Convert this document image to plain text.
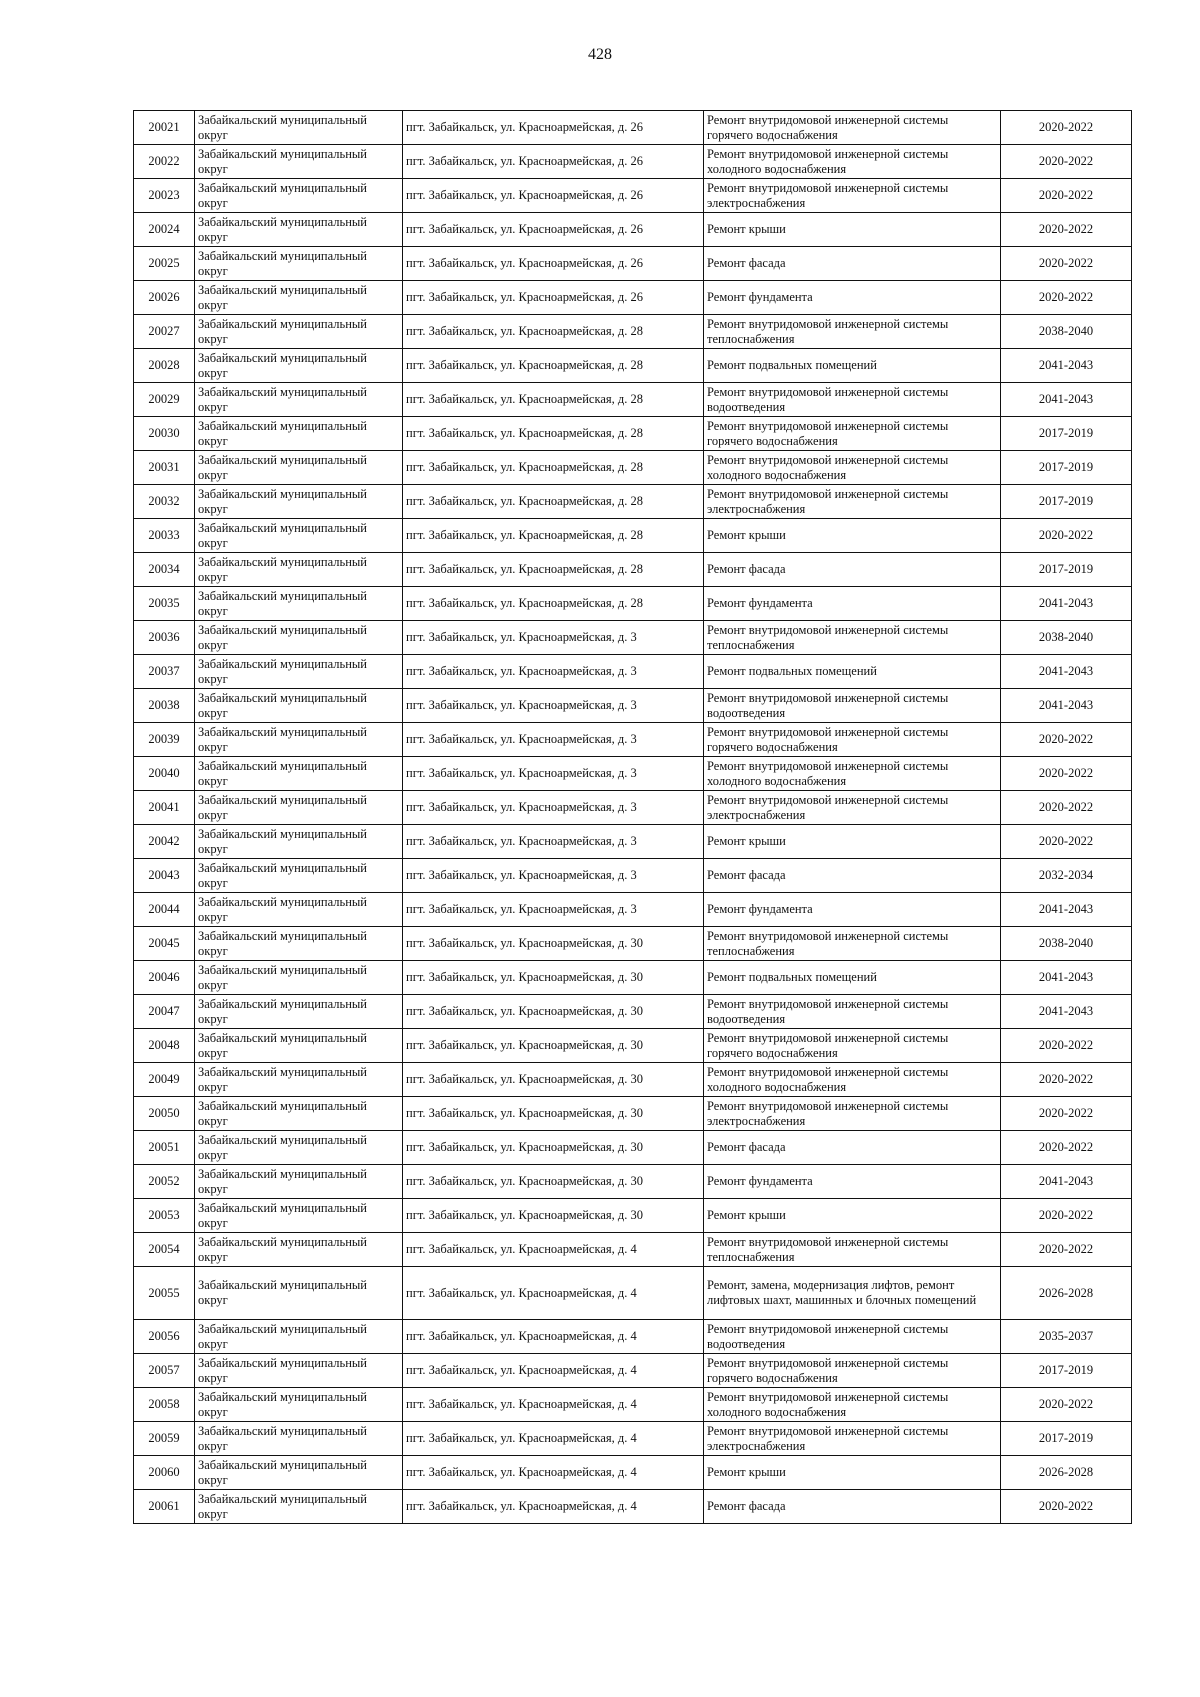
428
20021	Забайкальский муниципальный округ	пгт. Забайкальск, ул. Красноармейская, д. 26	Ремонт внутридомовой инженерной системы горячего водоснабжения	2020-2022
20022	Забайкальский муниципальный округ	пгт. Забайкальск, ул. Красноармейская, д. 26	Ремонт внутридомовой инженерной системы холодного водоснабжения	2020-2022
20023	Забайкальский муниципальный округ	пгт. Забайкальск, ул. Красноармейская, д. 26	Ремонт внутридомовой инженерной системы электроснабжения	2020-2022
20024	Забайкальский муниципальный округ	пгт. Забайкальск, ул. Красноармейская, д. 26	Ремонт крыши	2020-2022
20025	Забайкальский муниципальный округ	пгт. Забайкальск, ул. Красноармейская, д. 26	Ремонт фасада	2020-2022
20026	Забайкальский муниципальный округ	пгт. Забайкальск, ул. Красноармейская, д. 26	Ремонт фундамента	2020-2022
20027	Забайкальский муниципальный округ	пгт. Забайкальск, ул. Красноармейская, д. 28	Ремонт внутридомовой инженерной системы теплоснабжения	2038-2040
20028	Забайкальский муниципальный округ	пгт. Забайкальск, ул. Красноармейская, д. 28	Ремонт подвальных помещений	2041-2043
20029	Забайкальский муниципальный округ	пгт. Забайкальск, ул. Красноармейская, д. 28	Ремонт внутридомовой инженерной системы водоотведения	2041-2043
20030	Забайкальский муниципальный округ	пгт. Забайкальск, ул. Красноармейская, д. 28	Ремонт внутридомовой инженерной системы горячего водоснабжения	2017-2019
20031	Забайкальский муниципальный округ	пгт. Забайкальск, ул. Красноармейская, д. 28	Ремонт внутридомовой инженерной системы холодного водоснабжения	2017-2019
20032	Забайкальский муниципальный округ	пгт. Забайкальск, ул. Красноармейская, д. 28	Ремонт внутридомовой инженерной системы электроснабжения	2017-2019
20033	Забайкальский муниципальный округ	пгт. Забайкальск, ул. Красноармейская, д. 28	Ремонт крыши	2020-2022
20034	Забайкальский муниципальный округ	пгт. Забайкальск, ул. Красноармейская, д. 28	Ремонт фасада	2017-2019
20035	Забайкальский муниципальный округ	пгт. Забайкальск, ул. Красноармейская, д. 28	Ремонт фундамента	2041-2043
20036	Забайкальский муниципальный округ	пгт. Забайкальск, ул. Красноармейская, д. 3	Ремонт внутридомовой инженерной системы теплоснабжения	2038-2040
20037	Забайкальский муниципальный округ	пгт. Забайкальск, ул. Красноармейская, д. 3	Ремонт подвальных помещений	2041-2043
20038	Забайкальский муниципальный округ	пгт. Забайкальск, ул. Красноармейская, д. 3	Ремонт внутридомовой инженерной системы водоотведения	2041-2043
20039	Забайкальский муниципальный округ	пгт. Забайкальск, ул. Красноармейская, д. 3	Ремонт внутридомовой инженерной системы горячего водоснабжения	2020-2022
20040	Забайкальский муниципальный округ	пгт. Забайкальск, ул. Красноармейская, д. 3	Ремонт внутридомовой инженерной системы холодного водоснабжения	2020-2022
20041	Забайкальский муниципальный округ	пгт. Забайкальск, ул. Красноармейская, д. 3	Ремонт внутридомовой инженерной системы электроснабжения	2020-2022
20042	Забайкальский муниципальный округ	пгт. Забайкальск, ул. Красноармейская, д. 3	Ремонт крыши	2020-2022
20043	Забайкальский муниципальный округ	пгт. Забайкальск, ул. Красноармейская, д. 3	Ремонт фасада	2032-2034
20044	Забайкальский муниципальный округ	пгт. Забайкальск, ул. Красноармейская, д. 3	Ремонт фундамента	2041-2043
20045	Забайкальский муниципальный округ	пгт. Забайкальск, ул. Красноармейская, д. 30	Ремонт внутридомовой инженерной системы теплоснабжения	2038-2040
20046	Забайкальский муниципальный округ	пгт. Забайкальск, ул. Красноармейская, д. 30	Ремонт подвальных помещений	2041-2043
20047	Забайкальский муниципальный округ	пгт. Забайкальск, ул. Красноармейская, д. 30	Ремонт внутридомовой инженерной системы водоотведения	2041-2043
20048	Забайкальский муниципальный округ	пгт. Забайкальск, ул. Красноармейская, д. 30	Ремонт внутридомовой инженерной системы горячего водоснабжения	2020-2022
20049	Забайкальский муниципальный округ	пгт. Забайкальск, ул. Красноармейская, д. 30	Ремонт внутридомовой инженерной системы холодного водоснабжения	2020-2022
20050	Забайкальский муниципальный округ	пгт. Забайкальск, ул. Красноармейская, д. 30	Ремонт внутридомовой инженерной системы электроснабжения	2020-2022
20051	Забайкальский муниципальный округ	пгт. Забайкальск, ул. Красноармейская, д. 30	Ремонт фасада	2020-2022
20052	Забайкальский муниципальный округ	пгт. Забайкальск, ул. Красноармейская, д. 30	Ремонт фундамента	2041-2043
20053	Забайкальский муниципальный округ	пгт. Забайкальск, ул. Красноармейская, д. 30	Ремонт крыши	2020-2022
20054	Забайкальский муниципальный округ	пгт. Забайкальск, ул. Красноармейская, д. 4	Ремонт внутридомовой инженерной системы теплоснабжения	2020-2022
20055	Забайкальский муниципальный округ	пгт. Забайкальск, ул. Красноармейская, д. 4	Ремонт, замена, модернизация лифтов, ремонт лифтовых шахт, машинных и блочных помещений	2026-2028
20056	Забайкальский муниципальный округ	пгт. Забайкальск, ул. Красноармейская, д. 4	Ремонт внутридомовой инженерной системы водоотведения	2035-2037
20057	Забайкальский муниципальный округ	пгт. Забайкальск, ул. Красноармейская, д. 4	Ремонт внутридомовой инженерной системы горячего водоснабжения	2017-2019
20058	Забайкальский муниципальный округ	пгт. Забайкальск, ул. Красноармейская, д. 4	Ремонт внутридомовой инженерной системы холодного водоснабжения	2020-2022
20059	Забайкальский муниципальный округ	пгт. Забайкальск, ул. Красноармейская, д. 4	Ремонт внутридомовой инженерной системы электроснабжения	2017-2019
20060	Забайкальский муниципальный округ	пгт. Забайкальск, ул. Красноармейская, д. 4	Ремонт крыши	2026-2028
20061	Забайкальский муниципальный округ	пгт. Забайкальск, ул. Красноармейская, д. 4	Ремонт фасада	2020-2022
